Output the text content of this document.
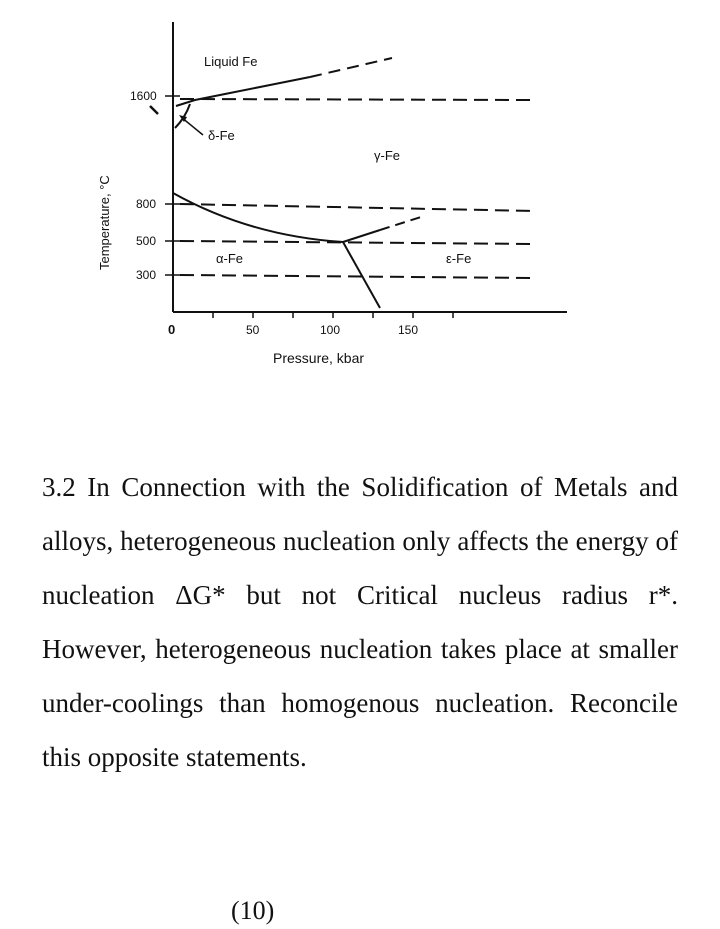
Temperature, °C
Pressure, kbar
1600
800
500
300
0	50	100	150
Liquid Fe
δ-Fe
γ-Fe
α-Fe	ε-Fe
3.2 In Connection with the Solidification of Metals and alloys, heterogeneous nucleation only affects the energy of nucleation ΔG* but not Critical nucleus radius r*. However, heterogeneous nucleation takes place at smaller under-coolings than homogenous nucleation. Reconcile this opposite statements.
(10)
